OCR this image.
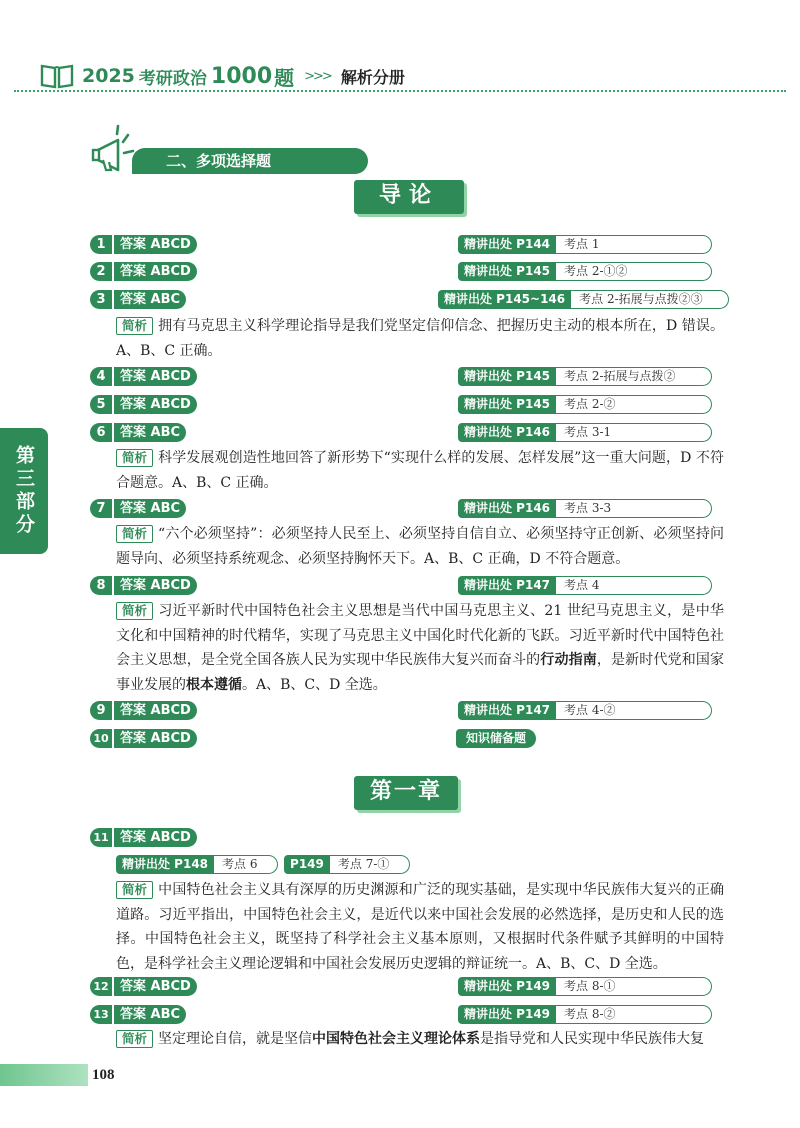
2025 考研政治 1000 题 >>> 解析分册
二、多项选择题
导论
第三部分
1	答案 ABCD	精讲出处 P144	考点 1
2	答案 ABCD	精讲出处 P145	考点 2-①②
3	答案 ABC	精讲出处 P145~146	考点 2-拓展与点拨②③
简析 拥有马克思主义科学理论指导是我们党坚定信仰信念、把握历史主动的根本所在，D 错误。A、B、C 正确。
4	答案 ABCD	精讲出处 P145	考点 2-拓展与点拨②
5	答案 ABCD	精讲出处 P145	考点 2-②
6	答案 ABC	精讲出处 P146	考点 3-1
简析 科学发展观创造性地回答了新形势下“实现什么样的发展、怎样发展”这一重大问题，D 不符合题意。A、B、C 正确。
7	答案 ABC	精讲出处 P146	考点 3-3
简析 “六个必须坚持”：必须坚持人民至上、必须坚持自信自立、必须坚持守正创新、必须坚持问题导向、必须坚持系统观念、必须坚持胸怀天下。A、B、C 正确，D 不符合题意。
8	答案 ABCD	精讲出处 P147	考点 4
简析 习近平新时代中国特色社会主义思想是当代中国马克思主义、21 世纪马克思主义，是中华文化和中国精神的时代精华，实现了马克思主义中国化时代化新的飞跃。习近平新时代中国特色社会主义思想，是全党全国各族人民为实现中华民族伟大复兴而奋斗的行动指南，是新时代党和国家事业发展的根本遵循。A、B、C、D 全选。
9	答案 ABCD	精讲出处 P147	考点 4-②
10 答案 ABCD	知识储备题
第一章
11 答案 ABCD
精讲出处 P148	考点 6	P149	考点 7-①
简析 中国特色社会主义具有深厚的历史渊源和广泛的现实基础，是实现中华民族伟大复兴的正确道路。习近平指出，中国特色社会主义，是近代以来中国社会发展的必然选择，是历史和人民的选择。中国特色社会主义，既坚持了科学社会主义基本原则，又根据时代条件赋予其鲜明的中国特色，是科学社会主义理论逻辑和中国社会发展历史逻辑的辩证统一。A、B、C、D 全选。
12 答案 ABCD	精讲出处 P149	考点 8-①
13 答案 ABC	精讲出处 P149	考点 8-②
简析 坚定理论自信，就是坚信中国特色社会主义理论体系是指导党和人民实现中华民族伟大复
108
